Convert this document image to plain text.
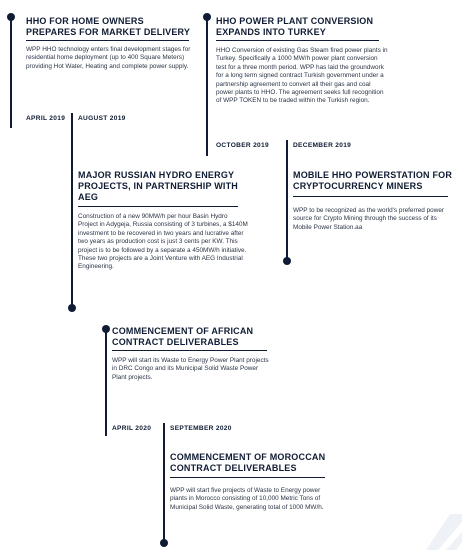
HHO FOR HOME OWNERS PREPARES FOR MARKET DELIVERY
WPP HHO technology enters final development stages for residential home deployment (up to 400 Square Meters) providing Hot Water, Heating and complete power supply.
APRIL 2019
HHO POWER PLANT CONVERSION EXPANDS INTO TURKEY
HHO Conversion of existing Gas Steam fired power plants in Turkey. Specifically a 1000 MW/h power plant conversion test for a three month period. WPP has laid the groundwork for a long term signed contract Turkish government under a partnership agreement to convert all their gas and coal power plants to HHO. The agreement seeks full recognition of WPP TOKEN to be traded within the Turkish region.
OCTOBER 2019
AUGUST 2019
MAJOR RUSSIAN HYDRO ENERGY PROJECTS, IN PARTNERSHIP WITH AEG
Construction of a new 90MW/h per hour Basin Hydro Project in Adygeja, Russia consisting of 3 turbines, a $140M investment to be recovered in two years and lucrative after two years as production cost is just 3 cents per KW. This project is to be followed by a separate a 450MW/h initiative. These two projects are a Joint Venture with AEG Industrial Engineering.
DECEMBER 2019
MOBILE HHO POWERSTATION FOR CRYPTOCURRENCY MINERS
WPP to be recognized as the world's preferred power source for Crypto Mining through the success of its Mobile Power Station.aa
COMMENCEMENT OF AFRICAN CONTRACT DELIVERABLES
WPP will start its Waste to Energy Power Plant projects in DRC Congo and its Municipal Solid Waste Power Plant projects.
APRIL 2020	SEPTEMBER 2020
COMMENCEMENT OF MOROCCAN CONTRACT DELIVERABLES
WPP will start five projects of Waste to Energy power plants in Morocco consisting of 10,000 Metric Tons of Municipal Solid Waste, generating total of 1000 MW/h.
